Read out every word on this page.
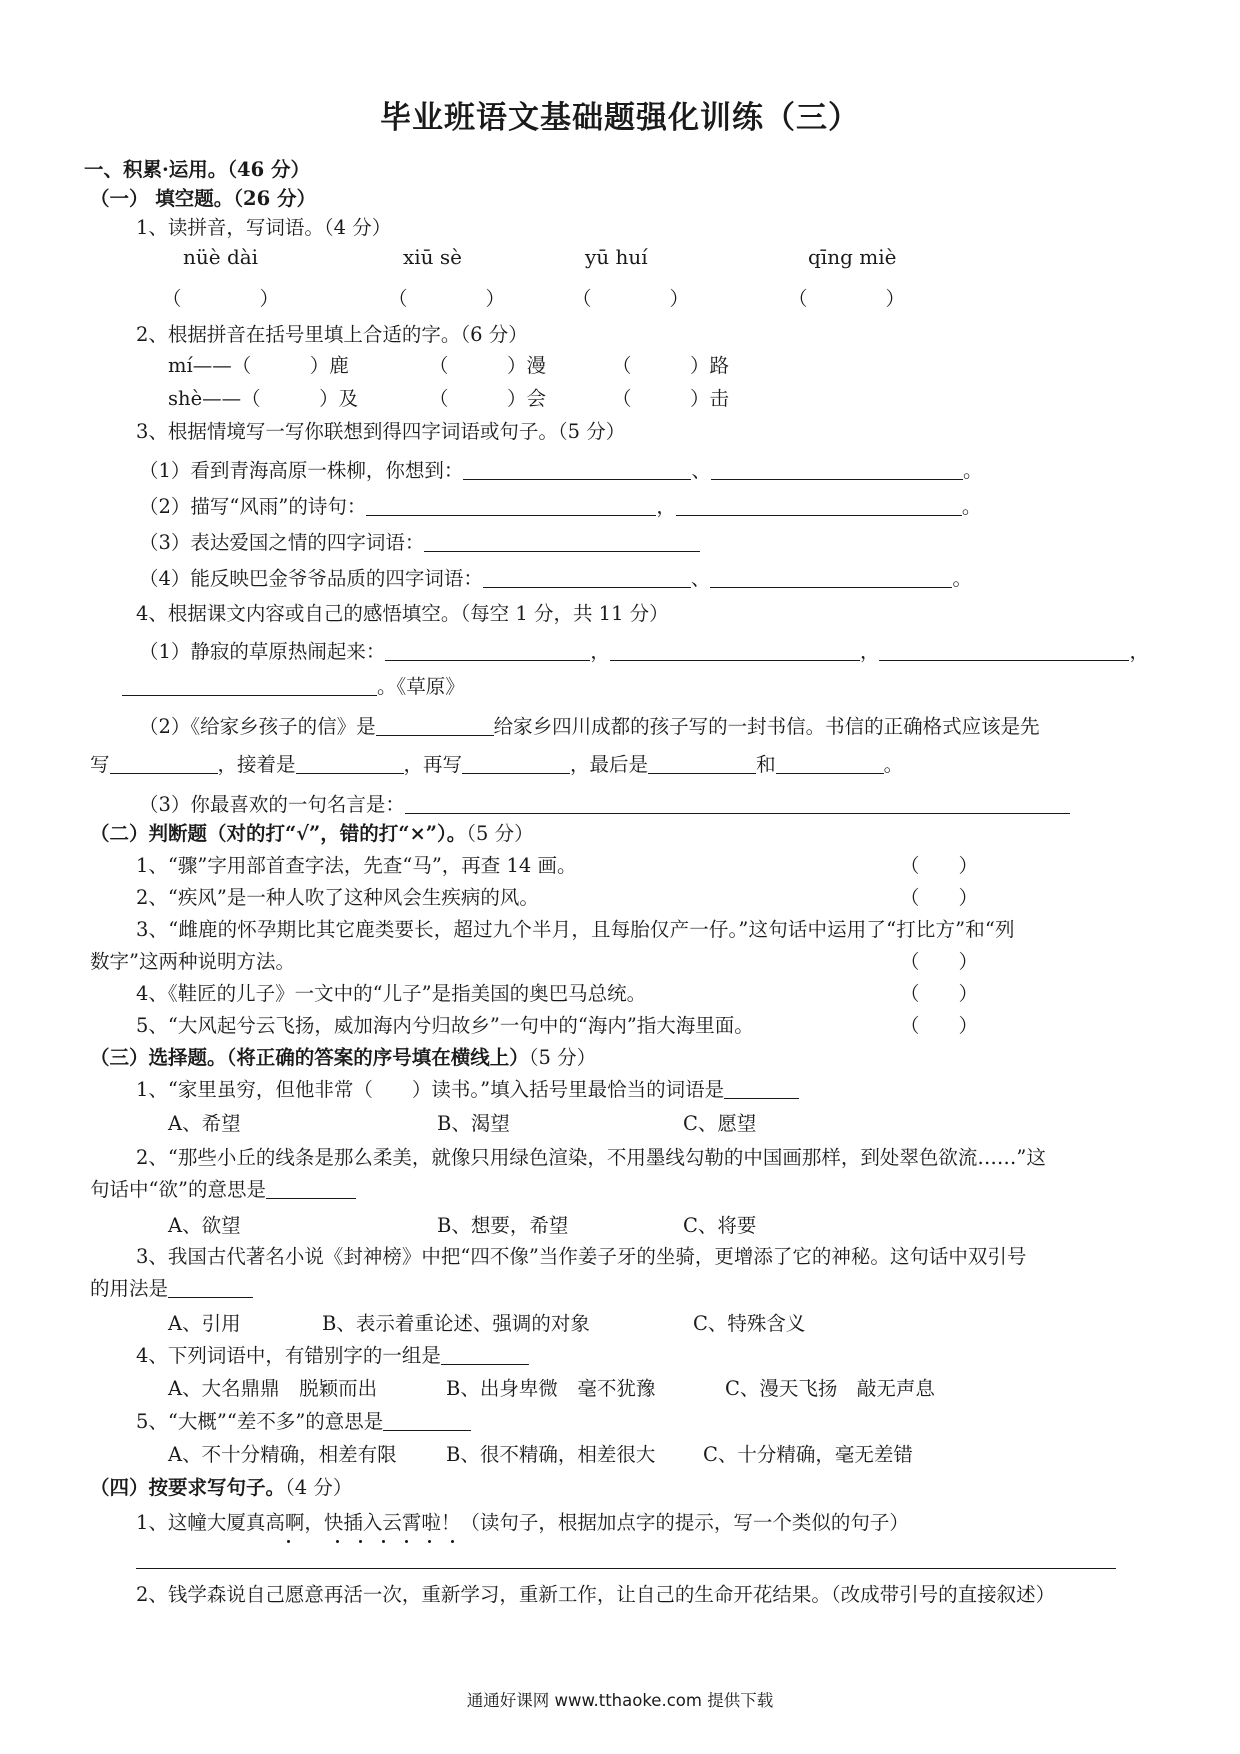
毕业班语文基础题强化训练（三）
一、积累·运用。（46 分）
（一） 填空题。（26 分）
1、读拼音，写词语。（4 分）
nüè dài	xiū sè	yū huí	qīng miè
（　　　　）	（　　　　）	（　　　　）	（　　　　）
2、根据拼音在括号里填上合适的字。（6 分）
mí——（　　　）鹿	（　　　）漫	（　　　）路
shè——（　　　）及	（　　　）会	（　　　）击
3、根据情境写一写你联想到得四字词语或句子。（5 分）
（1）看到青海高原一株柳，你想到：	、	。
（2）描写“风雨”的诗句：	，	。
（3）表达爱国之情的四字词语：
（4）能反映巴金爷爷品质的四字词语：	、	。
4、根据课文内容或自己的感悟填空。（每空 1 分，共 11 分）
（1）静寂的草原热闹起来：	，	，	，
。《草原》
（2）《给家乡孩子的信》是	给家乡四川成都的孩子写的一封书信。书信的正确格式应该是先
写	，接着是	，再写	，最后是	和	。
（3）你最喜欢的一句名言是：
（二）判断题（对的打“√”，错的打“×”）。（5 分）
1、“骤”字用部首查字法，先查“马”，再查 14 画。	（　　）
2、“疾风”是一种人吹了这种风会生疾病的风。	（　　）
3、“雌鹿的怀孕期比其它鹿类要长，超过九个半月，且每胎仅产一仔。”这句话中运用了“打比方”和“列
数字”这两种说明方法。	（　　）
4、《鞋匠的儿子》一文中的“儿子”是指美国的奥巴马总统。	（　　）
5、“大风起兮云飞扬，威加海内兮归故乡”一句中的“海内”指大海里面。	（　　）
（三）选择题。（将正确的答案的序号填在横线上）（5 分）
1、“家里虽穷，但他非常（　　）读书。”填入括号里最恰当的词语是
A、希望	B、渴望	C、愿望
2、“那些小丘的线条是那么柔美，就像只用绿色渲染，不用墨线勾勒的中国画那样，到处翠色欲流……”这
句话中“欲”的意思是
A、欲望	B、想要，希望	C、将要
3、我国古代著名小说《封神榜》中把“四不像”当作姜子牙的坐骑，更增添了它的神秘。这句话中双引号
的用法是
A、引用	B、表示着重论述、强调的对象	C、特殊含义
4、下列词语中，有错别字的一组是
A、大名鼎鼎　脱颖而出	B、出身卑微　毫不犹豫	C、漫天飞扬　敲无声息
5、“大概”“差不多”的意思是
A、不十分精确，相差有限	B、很不精确，相差很大 C、十分精确，毫无差错
（四）按要求写句子。（4 分）
1、这幢大厦真高啊，快插入云霄啦！（读句子，根据加点字的提示，写一个类似的句子）
2、钱学森说自己愿意再活一次，重新学习，重新工作，让自己的生命开花结果。（改成带引号的直接叙述）
通通好课网 www.tthaoke.com 提供下载
